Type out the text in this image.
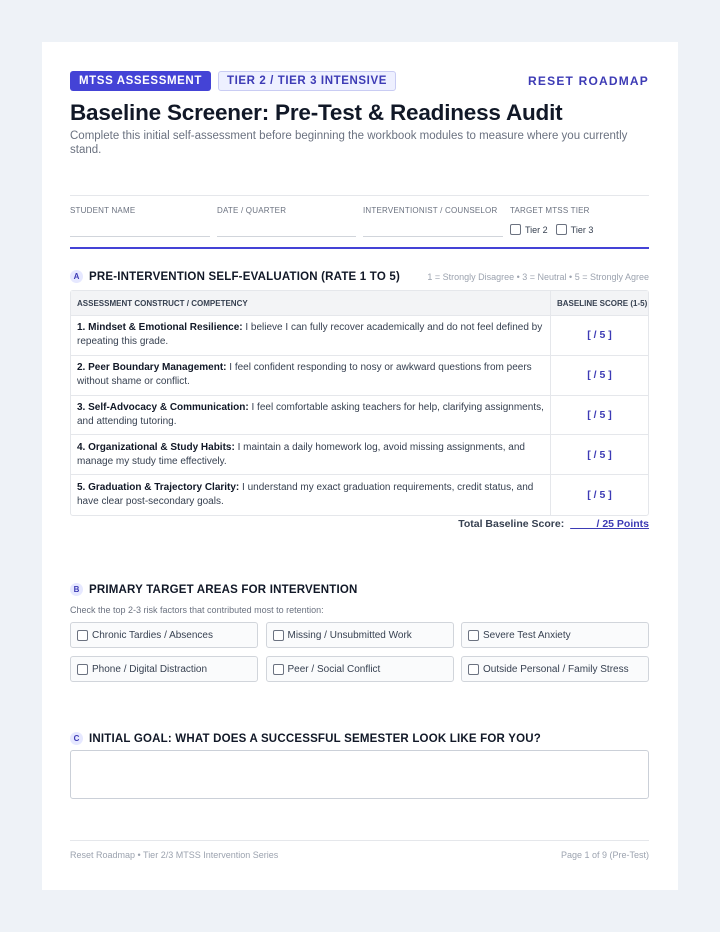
MTSS ASSESSMENT	TIER 2 / TIER 3 INTENSIVE	RESET ROADMAP
Baseline Screener: Pre-Test & Readiness Audit

Complete this initial self-assessment before beginning the workbook modules to measure where you currently stand.

STUDENT NAME	DATE / QUARTER	INTERVENTIONIST / COUNSELOR TARGET MTSS TIER
Tier 2	Tier 3
A PRE-INTERVENTION SELF-EVALUATION (RATE 1 TO 5)	1 = Strongly Disagree • 3 = Neutral • 5 = Strongly Agree
ASSESSMENT CONSTRUCT / COMPETENCY	BASELINE SCORE (1-5)
1. Mindset & Emotional Resilience: I believe I can fully recover academically and do not feel defined by repeating this grade.
[ / 5 ]
2. Peer Boundary Management: I feel confident responding to nosy or awkward questions from peers without shame or conflict.
[ / 5 ]
3. Self-Advocacy & Communication: I feel comfortable asking teachers for help, clarifying assignments, and attending tutoring.
[ / 5 ]
4. Organizational & Study Habits: I maintain a daily homework log, avoid missing assignments, and manage my study time effectively.
[ / 5 ]
5. Graduation & Trajectory Clarity: I understand my exact graduation requirements, credit status, and have clear post-secondary goals.
[ / 5 ]
Total Baseline Score: ____ / 25 Points
B PRIMARY TARGET AREAS FOR INTERVENTION
Check the top 2-3 risk factors that contributed most to retention:
Chronic Tardies / Absences	Missing / Unsubmitted Work	Severe Test Anxiety
Phone / Digital Distraction	Peer / Social Conflict	Outside Personal / Family Stress
C INITIAL GOAL: WHAT DOES A SUCCESSFUL SEMESTER LOOK LIKE FOR YOU?
Reset Roadmap • Tier 2/3 MTSS Intervention Series	Page 1 of 9 (Pre-Test)
